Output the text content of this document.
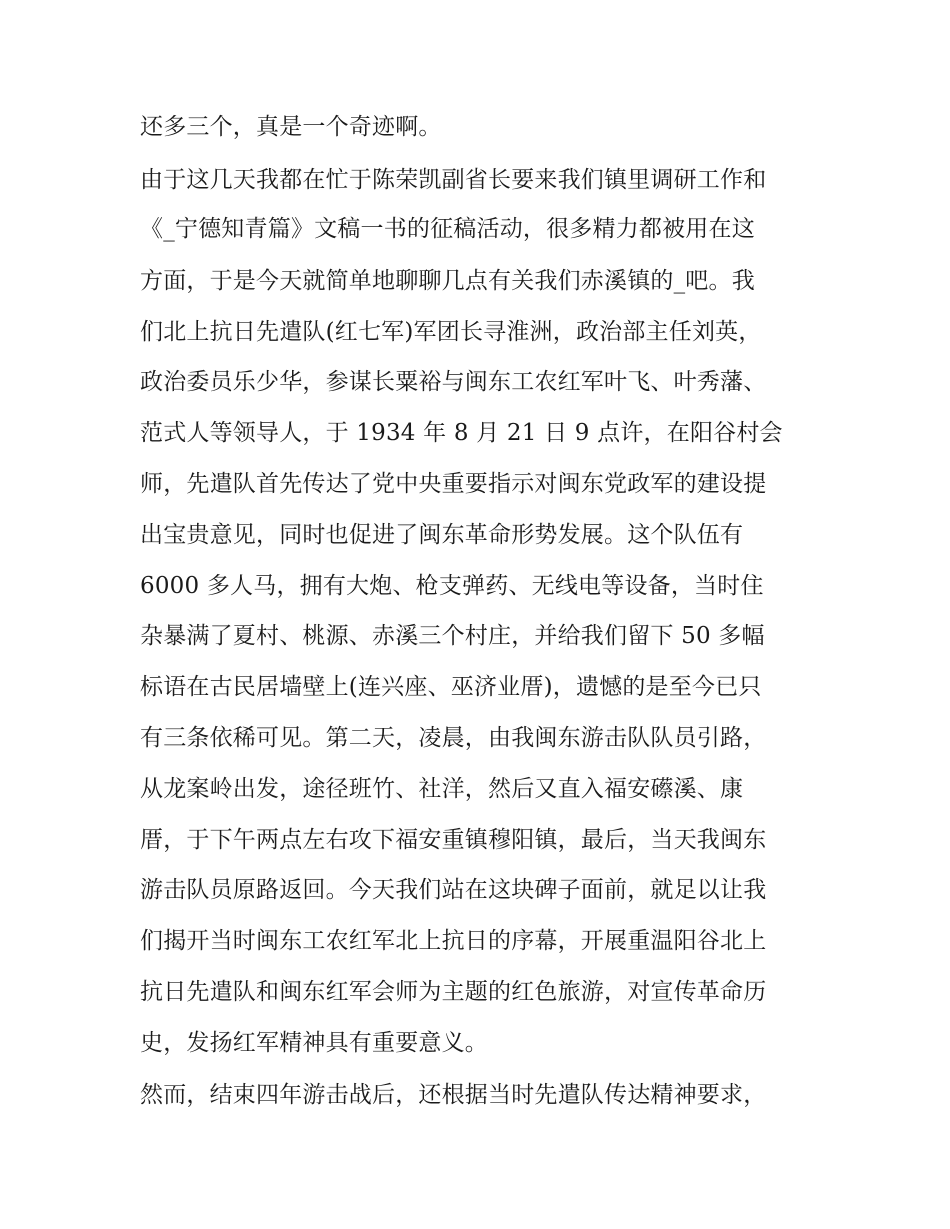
还多三个，真是一个奇迹啊。
由于这几天我都在忙于陈荣凯副省长要来我们镇里调研工作和
《_宁德知青篇》文稿一书的征稿活动，很多精力都被用在这
方面，于是今天就简单地聊聊几点有关我们赤溪镇的_吧。我
们北上抗日先遣队(红七军)军团长寻淮洲，政治部主任刘英，
政治委员乐少华，参谋长粟裕与闽东工农红军叶飞、叶秀藩、
范式人等领导人，于 1934 年 8 月 21 日 9 点许，在阳谷村会
师，先遣队首先传达了党中央重要指示对闽东党政军的建设提
出宝贵意见，同时也促进了闽东革命形势发展。这个队伍有
6000 多人马，拥有大炮、枪支弹药、无线电等设备，当时住
杂暴满了夏村、桃源、赤溪三个村庄，并给我们留下 50 多幅
标语在古民居墙壁上(连兴座、巫济业厝)，遗憾的是至今已只
有三条依稀可见。第二天，凌晨，由我闽东游击队队员引路，
从龙案岭出发，途径班竹、社洋，然后又直入福安礤溪、康
厝，于下午两点左右攻下福安重镇穆阳镇，最后，当天我闽东
游击队员原路返回。今天我们站在这块碑子面前，就足以让我
们揭开当时闽东工农红军北上抗日的序幕，开展重温阳谷北上
抗日先遣队和闽东红军会师为主题的红色旅游，对宣传革命历
史，发扬红军精神具有重要意义。
然而，结束四年游击战后，还根据当时先遣队传达精神要求，
